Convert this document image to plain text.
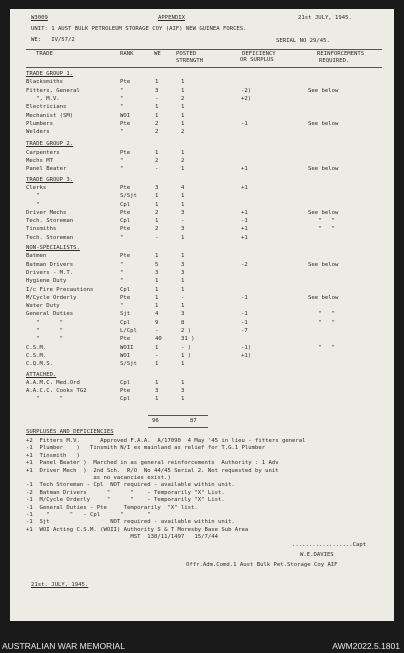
W3009	APPENDIX	21st JULY, 1945.
UNIT: 1 AUST BULK PETROLEUM STORAGE COY (AIF) NEW GUINEA FORCES.
WE:   IV/57/2	SERIAL NO 29/45.
TRADE	RANK	WE	POSTED
STRENGTH
DEFICIENCY
OR SURPLUS
REINFORCEMENTS
REQUIRED.
TRADE GROUP 1.
Blacksmiths	Pte	1	1
Fitters, General	"	3	1	-2)	See below
", M.V.	"	-	2	+2)
Electricians	"	1	1
Mechanist (SM)	WOI	1	1
Plumbers	Pte	2	1	-1	See below
Welders	"	2	2
TRADE GROUP 2.
Carpenters	Pte	1	1
Mechs MT	"	2	2
Panel Beater	"	-	1	+1	See below
TRADE GROUP 3.
Clerks	Pte	3	4	+1
"	S/Sjt	1	1
"	Cpl	1	1
Driver Mechs	Pte	2	3	+1	See below
Tech. Storeman	Cpl	1	-	-1	"   "
Tinsmiths	Pte	2	3	+1	"   "
Tech. Storeman	"	-	1	+1
NON-SPECIALISTS.
Batmen	Pte	1	1
Batman Drivers	"	5	3	-2	See below
Drivers - M.T.	"	3	3
Hygiene Duty	"	1	1
I/c Fire Precautions	Cpl	1	1
M/Cycle Orderly	Pte	1	-	-1	See below
Water Duty	"	1	1
General Duties	Sjt	4	3	-1	"   "
"      "	Cpl	9	8	-1	"   "
"      "	L/Cpl	-	2 )	-7
"      "	Pte	40	31 )
C.S.M.	WOII	1	- )	-1)	"   "
C.S.M.	WOI	-	1 )	+1)
C.Q.M.S.	S/Sjt	1	1
ATTACHED.
A.A.M.C. Med.Ord	Cpl	1	1
A.A.C.C. Cooks TG2	Pte	3	3
"      "	Cpl	1	1
96	87
SURPLUSES AND DEFICIENCIES
+2  Fitters M.V.      Approved F.A.A.  A/17090  4 May '45 in lieu - fitters general
-1  Plumber    )   Tinsmith N/I ex mainland as relief for T.G.1 Plumber
+1  Tinsmith   )
+1  Panel Beater )  Marched in as general reinforcements  Authority : 1 Adv
+1  Driver Mech  )  2nd Sch.  R/O  No 44/45 Serial 2. Not requested by unit
as no vacancies exist.)
-1  Tech Storeman - Cpl  NOT required - available within unit.
-2  Batman Drivers      "      "    - Temporarily "X" List.
-1  M/Cycle Orderly     "      "    - Temporarily "X" List.
-1  General Duties - Pte     Temporarily  "X" list.
-1    "      "   - Cpl      "       "
-1  Sjt                  NOT required - available within unit.
+1  WOI Acting C.S.M. (WOII) Authority S & T Moresby Base Sub Area
MST  138/11/1497   15/7/44
..................Capt
W.E.DAVIES
Offr.Adm.Comd.1 Aust Bulk Pet.Storage Coy AIF
21st. JULY, 1945.
AUSTRALIAN WAR MEMORIAL	AWM2022.5.1801
